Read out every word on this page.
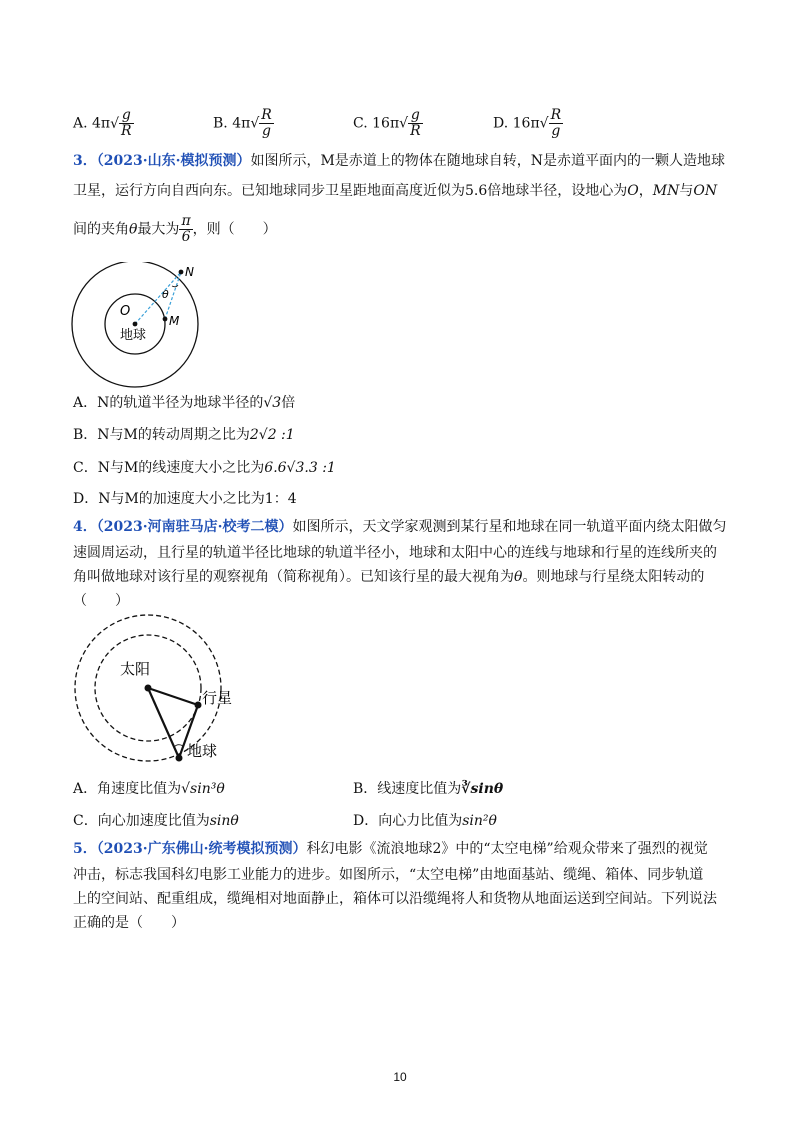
A. $4\pi√ \frac{g}{R}$	B. $4\pi√ \frac{R}{g}$	C. $16\pi√ \frac{g}{R}$	D. $16\pi√ \frac{R}{g}$
3．（2023·山东·模拟预测）如图所示，M是赤道上的物体在随地球自转，N是赤道平面内的一颗人造地球
卫星，运行方向自西向东。已知地球同步卫星距地面高度近似为5.6倍地球半径，设地心为O，MN与ON
间的夹角θ最大为 $\frac{\pi}{6}$ ，则（　　）
O
M
N
θ
地球
A．N的轨道半径为地球半径的√3倍
B．N与M的转动周期之比为2√2 :1
C．N与M的线速度大小之比为6.6√3.3 :1
D．N与M的加速度大小之比为1：4
4．（2023·河南驻马店·校考二模）如图所示，天文学家观测到某行星和地球在同一轨道平面内绕太阳做匀
速圆周运动，且行星的轨道半径比地球的轨道半径小，地球和太阳中心的连线与地球和行星的连线所夹的
角叫做地球对该行星的观察视角（简称视角）。已知该行星的最大视角为θ。则地球与行星绕太阳转动的
（　　）
太阳
行星
地球
A．角速度比值为√sin³θ	B．线速度比值为∛sinθ
C．向心加速度比值为sinθ	D．向心力比值为sin²θ
5．（2023·广东佛山·统考模拟预测）科幻电影《流浪地球2》中的“太空电梯”给观众带来了强烈的视觉
冲击，标志我国科幻电影工业能力的进步。如图所示，“太空电梯”由地面基站、缆绳、箱体、同步轨道
上的空间站、配重组成，缆绳相对地面静止，箱体可以沿缆绳将人和货物从地面运送到空间站。下列说法
正确的是（　　）
10
